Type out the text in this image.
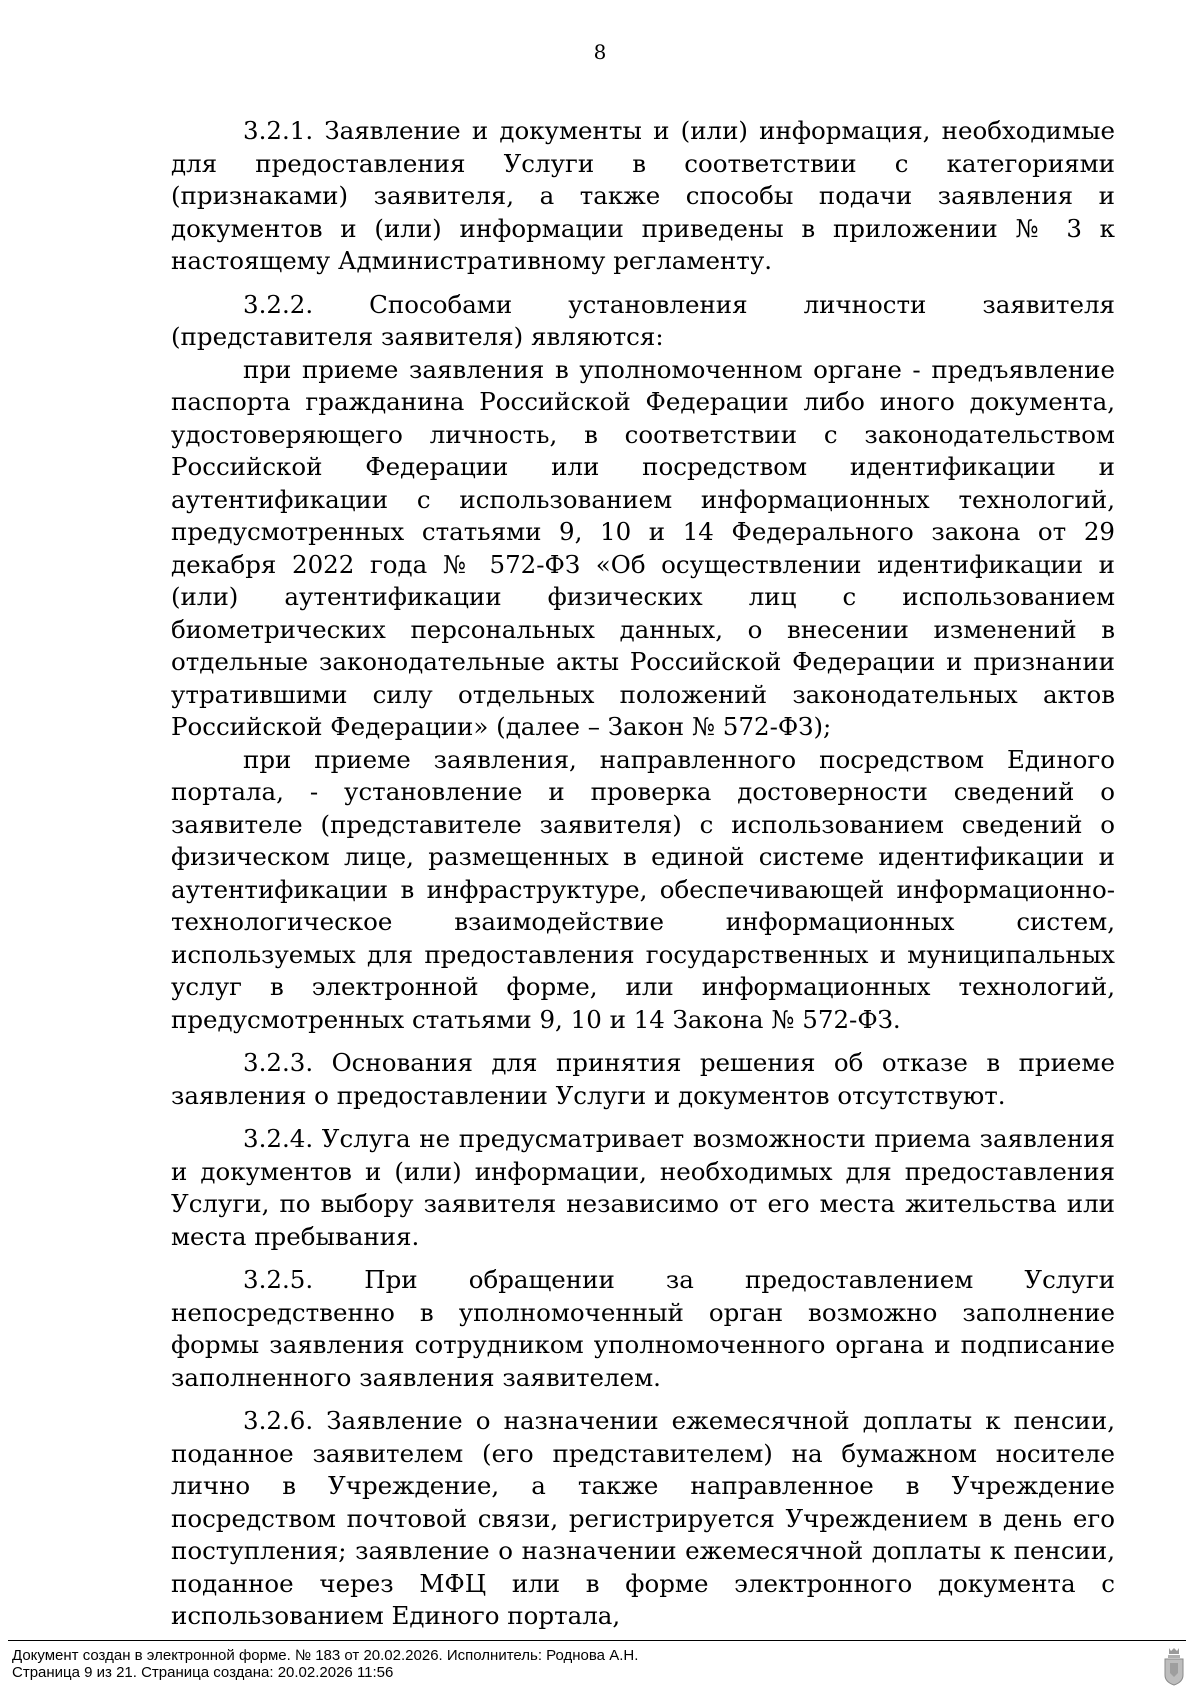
8

3.2.1. Заявление и документы и (или) информация, необходимые для предоставления Услуги в соответствии с категориями (признаками) заявителя, а также способы подачи заявления и документов и (или) информации приведены в приложении № 3 к настоящему Административному регламенту.

3.2.2. Способами установления личности заявителя (представителя заявителя) являются:

при приеме заявления в уполномоченном органе - предъявление паспорта гражданина Российской Федерации либо иного документа, удостоверяющего личность, в соответствии с законодательством Российской Федерации или посредством идентификации и аутентификации с использованием информационных технологий, предусмотренных статьями 9, 10 и 14 Федерального закона от 29 декабря 2022 года № 572-ФЗ «Об осуществлении идентификации и (или) аутентификации физических лиц с использованием биометрических персональных данных, о внесении изменений в отдельные законодательные акты Российской Федерации и признании утратившими силу отдельных положений законодательных актов Российской Федерации» (далее – Закон № 572-ФЗ);

при приеме заявления, направленного посредством Единого портала, - установление и проверка достоверности сведений о заявителе (представителе заявителя) с использованием сведений о физическом лице, размещенных в единой системе идентификации и аутентификации в инфраструктуре, обеспечивающей информационно-технологическое взаимодействие информационных систем, используемых для предоставления государственных и муниципальных услуг в электронной форме, или информационных технологий, предусмотренных статьями 9, 10 и 14 Закона № 572-ФЗ.

3.2.3. Основания для принятия решения об отказе в приеме заявления о предоставлении Услуги и документов отсутствуют.

3.2.4. Услуга не предусматривает возможности приема заявления и документов и (или) информации, необходимых для предоставления Услуги, по выбору заявителя независимо от его места жительства или места пребывания.

3.2.5. При обращении за предоставлением Услуги непосредственно в уполномоченный орган возможно заполнение формы заявления сотрудником уполномоченного органа и подписание заполненного заявления заявителем.

3.2.6. Заявление о назначении ежемесячной доплаты к пенсии, поданное заявителем (его представителем) на бумажном носителе лично в Учреждение, а также направленное в Учреждение посредством почтовой связи, регистрируется Учреждением в день его поступления; заявление о назначении ежемесячной доплаты к пенсии, поданное через МФЦ или в форме электронного документа с использованием Единого портала,

Документ создан в электронной форме. № 183 от 20.02.2026. Исполнитель: Роднова А.Н.
Страница 9 из 21. Страница создана: 20.02.2026 11:56
